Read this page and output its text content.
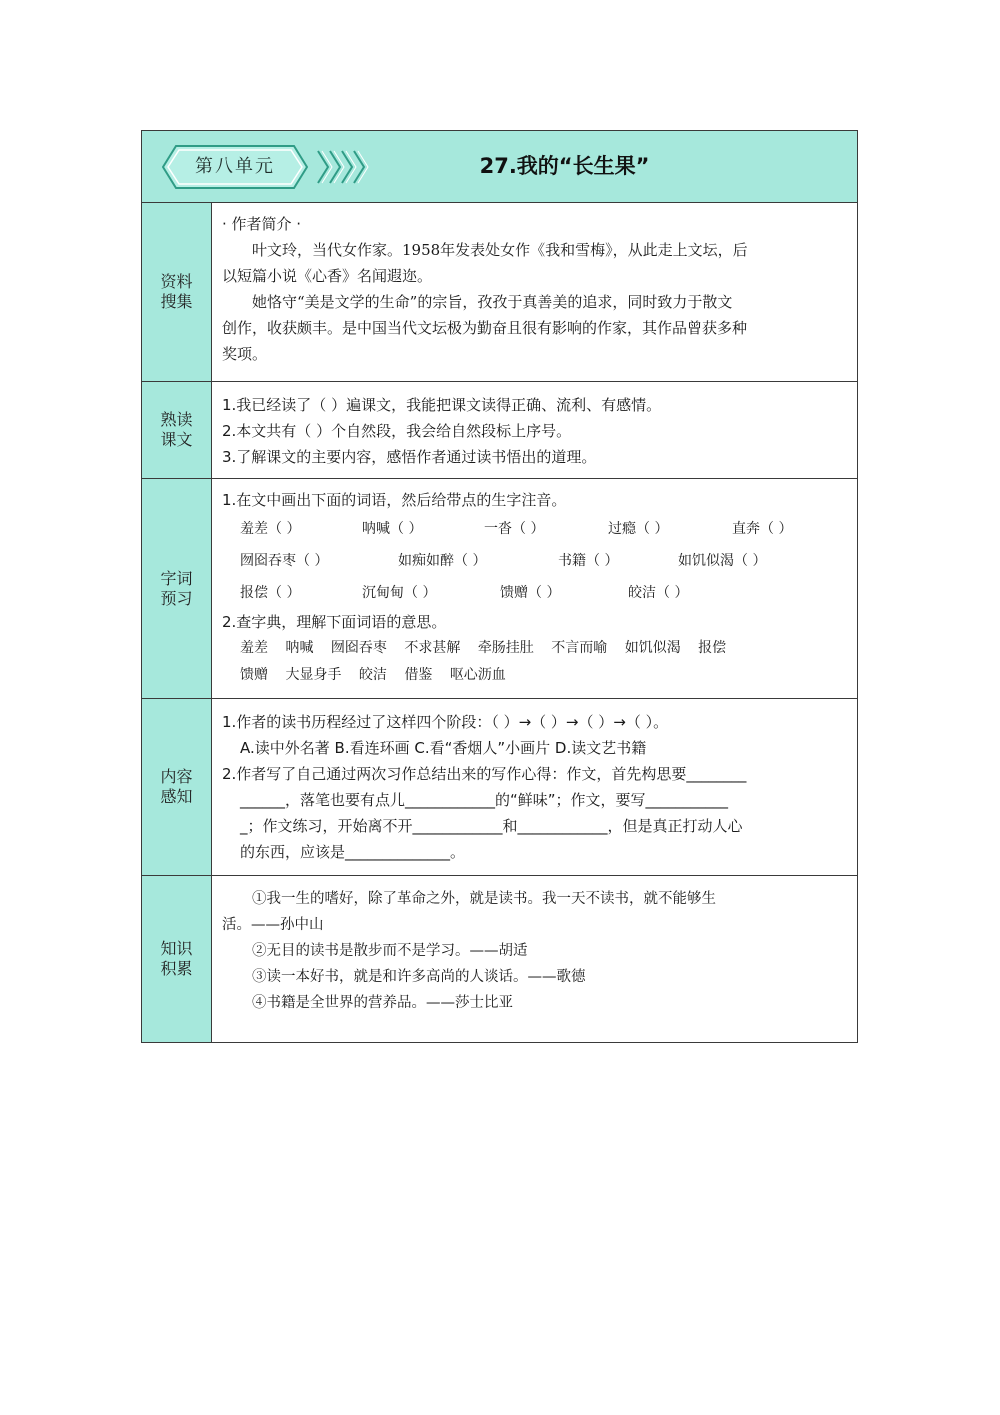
第八单元	27.我的“长生果”
资料搜集
· 作者简介 ·
叶文玲，当代女作家。1958年发表处女作《我和雪梅》，从此走上文坛，后
以短篇小说《心香》名闻遐迩。
她恪守“美是文学的生命”的宗旨，孜孜于真善美的追求，同时致力于散文
创作，收获颇丰。是中国当代文坛极为勤奋且很有影响的作家，其作品曾获多种
奖项。
熟读课文
1.我已经读了（ ）遍课文，我能把课文读得正确、流利、有感情。
2.本文共有（ ）个自然段，我会给自然段标上序号。
3.了解课文的主要内容，感悟作者通过读书悟出的道理。
字词预习
1.在文中画出下面的词语，然后给带点的生字注音。
羞差（ ）	呐喊（ ）	一沓（ ）	过瘾（ ）	直奔（ ）
囫囵吞枣（ ）	如痴如醉（ ）	书籍（ ）	如饥似渴（ ）
报偿（ ）	沉甸甸（ ）	馈赠（ ）	皎洁（ ）
2.查字典，理解下面词语的意思。
羞差 呐喊 囫囵吞枣 不求甚解 牵肠挂肚 不言而喻 如饥似渴 报偿
馈赠 大显身手 皎洁 借鉴 呕心沥血
内容感知
1.作者的读书历程经过了这样四个阶段：（ ）→（ ）→（ ）→（ ）。
A.读中外名著 B.看连环画 C.看“香烟人”小画片 D.读文艺书籍
2.作者写了自己通过两次习作总结出来的写作心得：作文，首先构思要________
______，落笔也要有点儿____________的“鲜味”；作文，要写___________
_；作文练习，开始离不开____________和____________，但是真正打动人心
的东西，应该是______________。
知识积累
①我一生的嗜好，除了革命之外，就是读书。我一天不读书，就不能够生
活。——孙中山
②无目的读书是散步而不是学习。——胡适
③读一本好书，就是和许多高尚的人谈话。——歌德
④书籍是全世界的营养品。——莎士比亚
